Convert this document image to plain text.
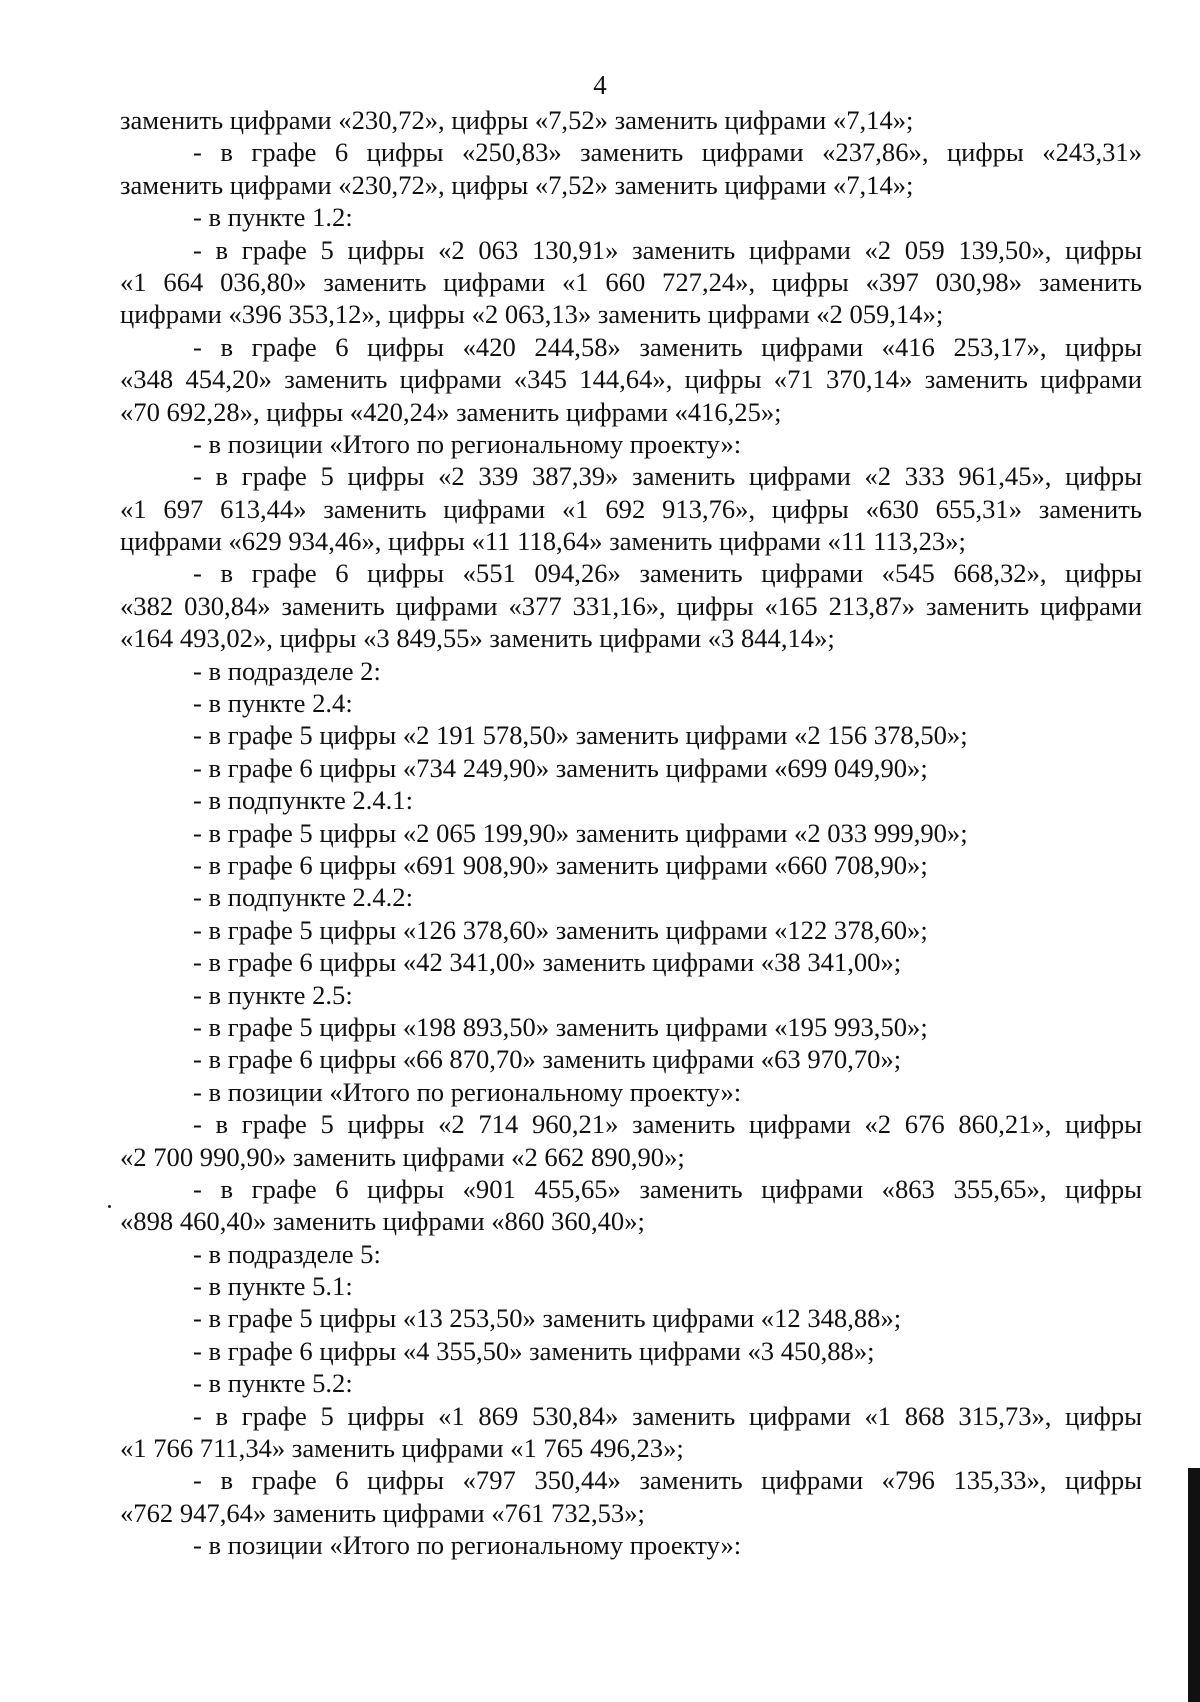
4
заменить цифрами «230,72», цифры «7,52» заменить цифрами «7,14»;
- в графе 6 цифры «250,83» заменить цифрами «237,86», цифры «243,31»
заменить цифрами «230,72», цифры «7,52» заменить цифрами «7,14»;
- в пункте 1.2:
- в графе 5 цифры «2 063 130,91» заменить цифрами «2 059 139,50», цифры
«1 664 036,80» заменить цифрами «1 660 727,24», цифры «397 030,98» заменить
цифрами «396 353,12», цифры «2 063,13» заменить цифрами «2 059,14»;
- в графе 6 цифры «420 244,58» заменить цифрами «416 253,17», цифры
«348 454,20» заменить цифрами «345 144,64», цифры «71 370,14» заменить цифрами
«70 692,28», цифры «420,24» заменить цифрами «416,25»;
- в позиции «Итого по региональному проекту»:
- в графе 5 цифры «2 339 387,39» заменить цифрами «2 333 961,45», цифры
«1 697 613,44» заменить цифрами «1 692 913,76», цифры «630 655,31» заменить
цифрами «629 934,46», цифры «11 118,64» заменить цифрами «11 113,23»;
- в графе 6 цифры «551 094,26» заменить цифрами «545 668,32», цифры
«382 030,84» заменить цифрами «377 331,16», цифры «165 213,87» заменить цифрами
«164 493,02», цифры «3 849,55» заменить цифрами «3 844,14»;
- в подразделе 2:
- в пункте 2.4:
- в графе 5 цифры «2 191 578,50» заменить цифрами «2 156 378,50»;
- в графе 6 цифры «734 249,90» заменить цифрами «699 049,90»;
- в подпункте 2.4.1:
- в графе 5 цифры «2 065 199,90» заменить цифрами «2 033 999,90»;
- в графе 6 цифры «691 908,90» заменить цифрами «660 708,90»;
- в подпункте 2.4.2:
- в графе 5 цифры «126 378,60» заменить цифрами «122 378,60»;
- в графе 6 цифры «42 341,00» заменить цифрами «38 341,00»;
- в пункте 2.5:
- в графе 5 цифры «198 893,50» заменить цифрами «195 993,50»;
- в графе 6 цифры «66 870,70» заменить цифрами «63 970,70»;
- в позиции «Итого по региональному проекту»:
- в графе 5 цифры «2 714 960,21» заменить цифрами «2 676 860,21», цифры
«2 700 990,90» заменить цифрами «2 662 890,90»;
- в графе 6 цифры «901 455,65» заменить цифрами «863 355,65», цифры
«898 460,40» заменить цифрами «860 360,40»;
- в подразделе 5:
- в пункте 5.1:
- в графе 5 цифры «13 253,50» заменить цифрами «12 348,88»;
- в графе 6 цифры «4 355,50» заменить цифрами «3 450,88»;
- в пункте 5.2:
- в графе 5 цифры «1 869 530,84» заменить цифрами «1 868 315,73», цифры
«1 766 711,34» заменить цифрами «1 765 496,23»;
- в графе 6 цифры «797 350,44» заменить цифрами «796 135,33», цифры
«762 947,64» заменить цифрами «761 732,53»;
- в позиции «Итого по региональному проекту»:
